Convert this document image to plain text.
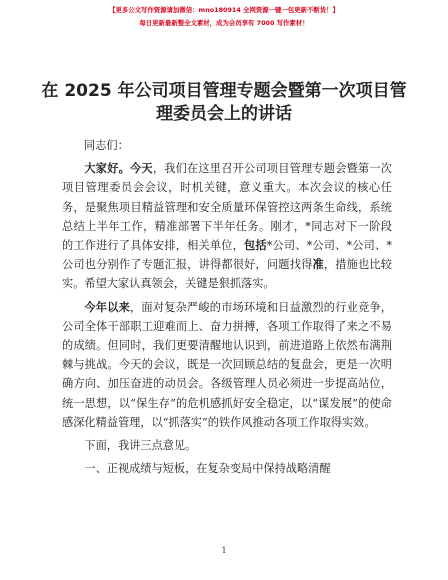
【更多公文写作资源请加微信：mno180914 全网资源一键一包更新不断货！】
每日更新最新整全文素材，成为会员享有 7000 写作素材！
在 2025 年公司项目管理专题会暨第一次项目管
理委员会上的讲话

同志们：

大家好。今天，我们在这里召开公司项目管理专题会暨第一次项目管理委员会会议，时机关键，意义重大。本次会议的核心任务，是聚焦项目精益管理和安全质量环保管控这两条生命线，系统总结上半年工作，精准部署下半年任务。刚才，*同志对下一阶段的工作进行了具体安排，相关单位，包括*公司、*公司、*公司、*公司也分别作了专题汇报，讲得都很好，问题找得准，措施也比较实。希望大家认真领会，关键是狠抓落实。

今年以来，面对复杂严峻的市场环境和日益激烈的行业竞争，公司全体干部职工迎难而上、奋力拼搏，各项工作取得了来之不易的成绩。但同时，我们更要清醒地认识到，前进道路上依然布满荆棘与挑战。今天的会议，既是一次回顾总结的复盘会，更是一次明确方向、加压奋进的动员会。各级管理人员必须进一步提高站位，统一思想，以“保生存”的危机感抓好安全稳定，以“谋发展”的使命感深化精益管理，以“抓落实”的铁作风推动各项工作取得实效。

下面，我讲三点意见。

一、正视成绩与短板，在复杂变局中保持战略清醒

1
